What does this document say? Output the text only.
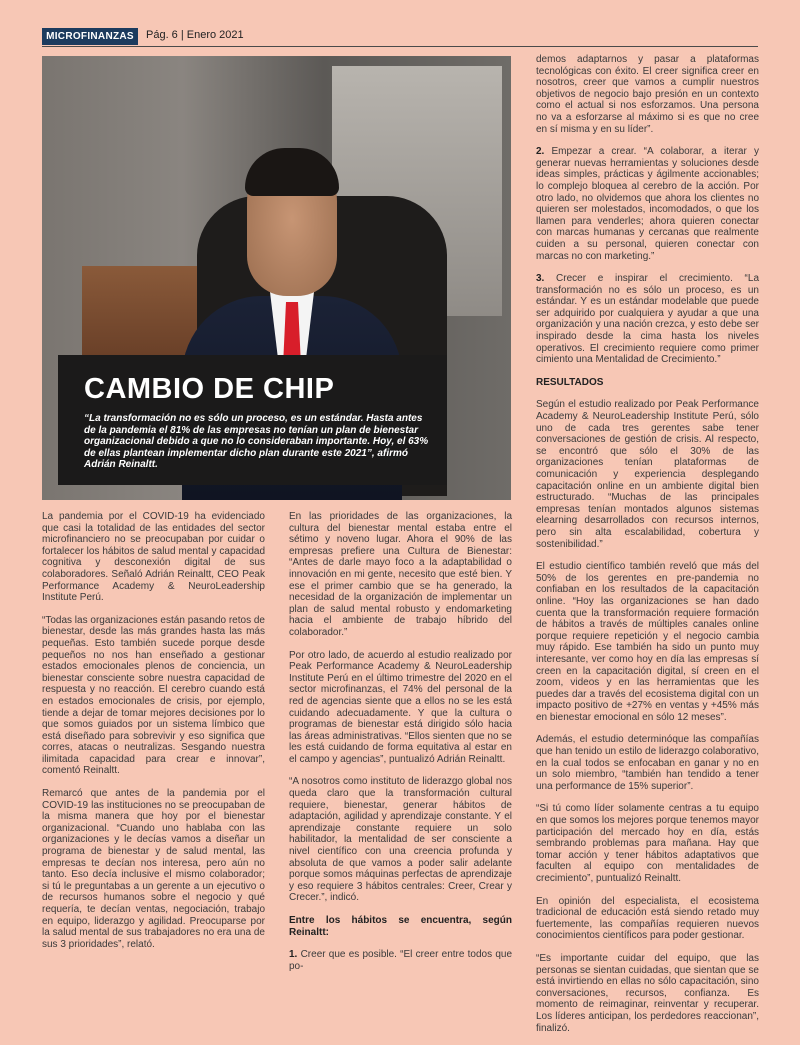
MICROFINANZAS	Pág. 6 | Enero 2021
CAMBIO DE CHIP
“La transformación no es sólo un proceso, es un estándar. Hasta antes de la pandemia el 81% de las empresas no tenían un plan de bienestar organizacional debido a que no lo consideraban importante. Hoy, el 63% de ellas plantean implementar dicho plan durante este 2021”, afirmó Adrián Reinaltt.

La pandemia por el COVID-19 ha evidenciado que casi la totalidad de las entidades del sector microfinanciero no se preocupaban por cuidar o fortalecer los hábitos de salud mental y capacidad cognitiva y desconexión digital de sus colaboradores. Señaló Adrián Reinaltt, CEO Peak Performance Academy & NeuroLeadership Institute Perú.

“Todas las organizaciones están pasando retos de bienestar, desde las más grandes hasta las más pequeñas. Esto también sucede porque desde pequeños no nos han enseñado a gestionar estados emocionales plenos de conciencia, un bienestar consciente sobre nuestra capacidad de respuesta y no reacción. El cerebro cuando está en estados emocionales de crisis, por ejemplo, tiende a dejar de tomar mejores decisiones por lo que somos guiados por un sistema límbico que está diseñado para sobrevivir y eso significa que corres, atacas o neutralizas. Sesgando nuestra ilimitada capacidad para crear e innovar”, comentó Reinaltt.

Remarcó que antes de la pandemia por el COVID-19 las instituciones no se preocupaban de la misma manera que hoy por el bienestar organizacional. “Cuando uno hablaba con las organizaciones y le decías vamos a diseñar un programa de bienestar y de salud mental, las empresas te decían nos interesa, pero aún no tanto. Eso decía inclusive el mismo colaborador; si tú le preguntabas a un gerente a un ejecutivo o de recursos humanos sobre el negocio y qué requería, te decían ventas, negociación, trabajo en equipo, liderazgo y agilidad. Preocuparse por la salud mental de sus trabajadores no era una de sus 3 prioridades”, relató.

En las prioridades de las organizaciones, la cultura del bienestar mental estaba entre el sétimo y noveno lugar. Ahora el 90% de las empresas prefiere una Cultura de Bienestar: “Antes de darle mayo foco a la adaptabilidad o innovación en mi gente, necesito que esté bien. Y ese el primer cambio que se ha generado, la necesidad de la organización de implementar un plan de salud mental robusto y endomarketing hacia el ambiente de trabajo híbrido del colaborador.”

Por otro lado, de acuerdo al estudio realizado por Peak Performance Academy & NeuroLeadership Institute Perú en el último trimestre del 2020 en el sector microfinanzas, el 74% del personal de la red de agencias siente que a ellos no se les está cuidando adecuadamente. Y que la cultura o programas de bienestar está dirigido sólo hacia las áreas administrativas. “Ellos sienten que no se les está cuidando de forma equitativa al estar en el campo y agencias”, puntualizó Adrián Reinaltt.

“A nosotros como instituto de liderazgo global nos queda claro que la transformación cultural requiere, bienestar, generar hábitos de adaptación, agilidad y aprendizaje constante. Y el aprendizaje constante requiere un solo habilitador, la mentalidad de ser consciente a nivel científico con una creencia profunda y absoluta de que vamos a poder salir adelante porque somos máquinas perfectas de aprendizaje y eso requiere 3 hábitos centrales: Creer, Crear y Crecer.”, indicó.

Entre los hábitos se encuentra, según Reinaltt:

1. Creer que es posible. “El creer entre todos que po-

demos adaptarnos y pasar a plataformas tecnológicas con éxito. El creer significa creer en nosotros, creer que vamos a cumplir nuestros objetivos de negocio bajo presión en un contexto como el actual si nos esforzamos. Una persona no va a esforzarse al máximo si es que no cree en sí misma y en su líder”.

2. Empezar a crear. “A colaborar, a iterar y generar nuevas herramientas y soluciones desde ideas simples, prácticas y ágilmente accionables; lo complejo bloquea al cerebro de la acción. Por otro lado, no olvidemos que ahora los clientes no quieren ser molestados, incomodados, o que los llamen para venderles; ahora quieren conectar con marcas humanas y cercanas que realmente cuiden a su personal, quieren conectar con marcas no con marketing.”

3. Crecer e inspirar el crecimiento. “La transformación no es sólo un proceso, es un estándar. Y es un estándar modelable que puede ser adquirido por cualquiera y ayudar a que una organización y una nación crezca, y esto debe ser inspirado desde la cima hasta los niveles operativos. El crecimiento requiere como primer cimiento una Mentalidad de Crecimiento.”

RESULTADOS

Según el estudio realizado por Peak Performance Academy & NeuroLeadership Institute Perú, sólo uno de cada tres gerentes sabe tener conversaciones de gestión de crisis. Al respecto, se encontró que sólo el 30% de las organizaciones tenían plataformas de comunicación y experiencia desplegando capacitación online en un ambiente digital bien estructurado. “Muchas de las principales empresas tenían montados algunos sistemas elearning desarrollados con recursos internos, pero sin alta escalabilidad, cobertura y sostenibilidad.”

El estudio científico también reveló que más del 50% de los gerentes en pre-pandemia no confiaban en los resultados de la capacitación online. “Hoy las organizaciones se han dado cuenta que la transformación requiere formación de hábitos a través de múltiples canales online porque requiere repetición y el negocio cambia muy rápido. Ese también ha sido un punto muy interesante, ver como hoy en día las empresas sí creen en la capacitación digital, sí creen en el zoom, videos y en las herramientas que les puedes dar a través del ecosistema digital con un impacto positivo de +27% en ventas y +45% más en bienestar emocional en sólo 12 meses”.

Además, el estudio determinóque las compañías que han tenido un estilo de liderazgo colaborativo, en la cual todos se enfocaban en ganar y no en un solo miembro, “también han tendido a tener una performance de 15% superior”.

“Si tú como líder solamente centras a tu equipo en que somos los mejores porque tenemos mayor participación del mercado hoy en día, estás sembrando problemas para mañana. Hay que tomar acción y tener hábitos adaptativos que faculten al equipo con mentalidades de crecimiento”, puntualizó Reinaltt.

En opinión del especialista, el ecosistema tradicional de educación está siendo retado muy fuertemente, las compañías requieren nuevos conocimientos científicos para poder gestionar.

“Es importante cuidar del equipo, que las personas se sientan cuidadas, que sientan que se está invirtiendo en ellas no sólo capacitación, sino conversaciones, recursos, confianza. Es momento de reimaginar, reinventar y recuperar. Los líderes anticipan, los perdedores reaccionan”, finalizó.
